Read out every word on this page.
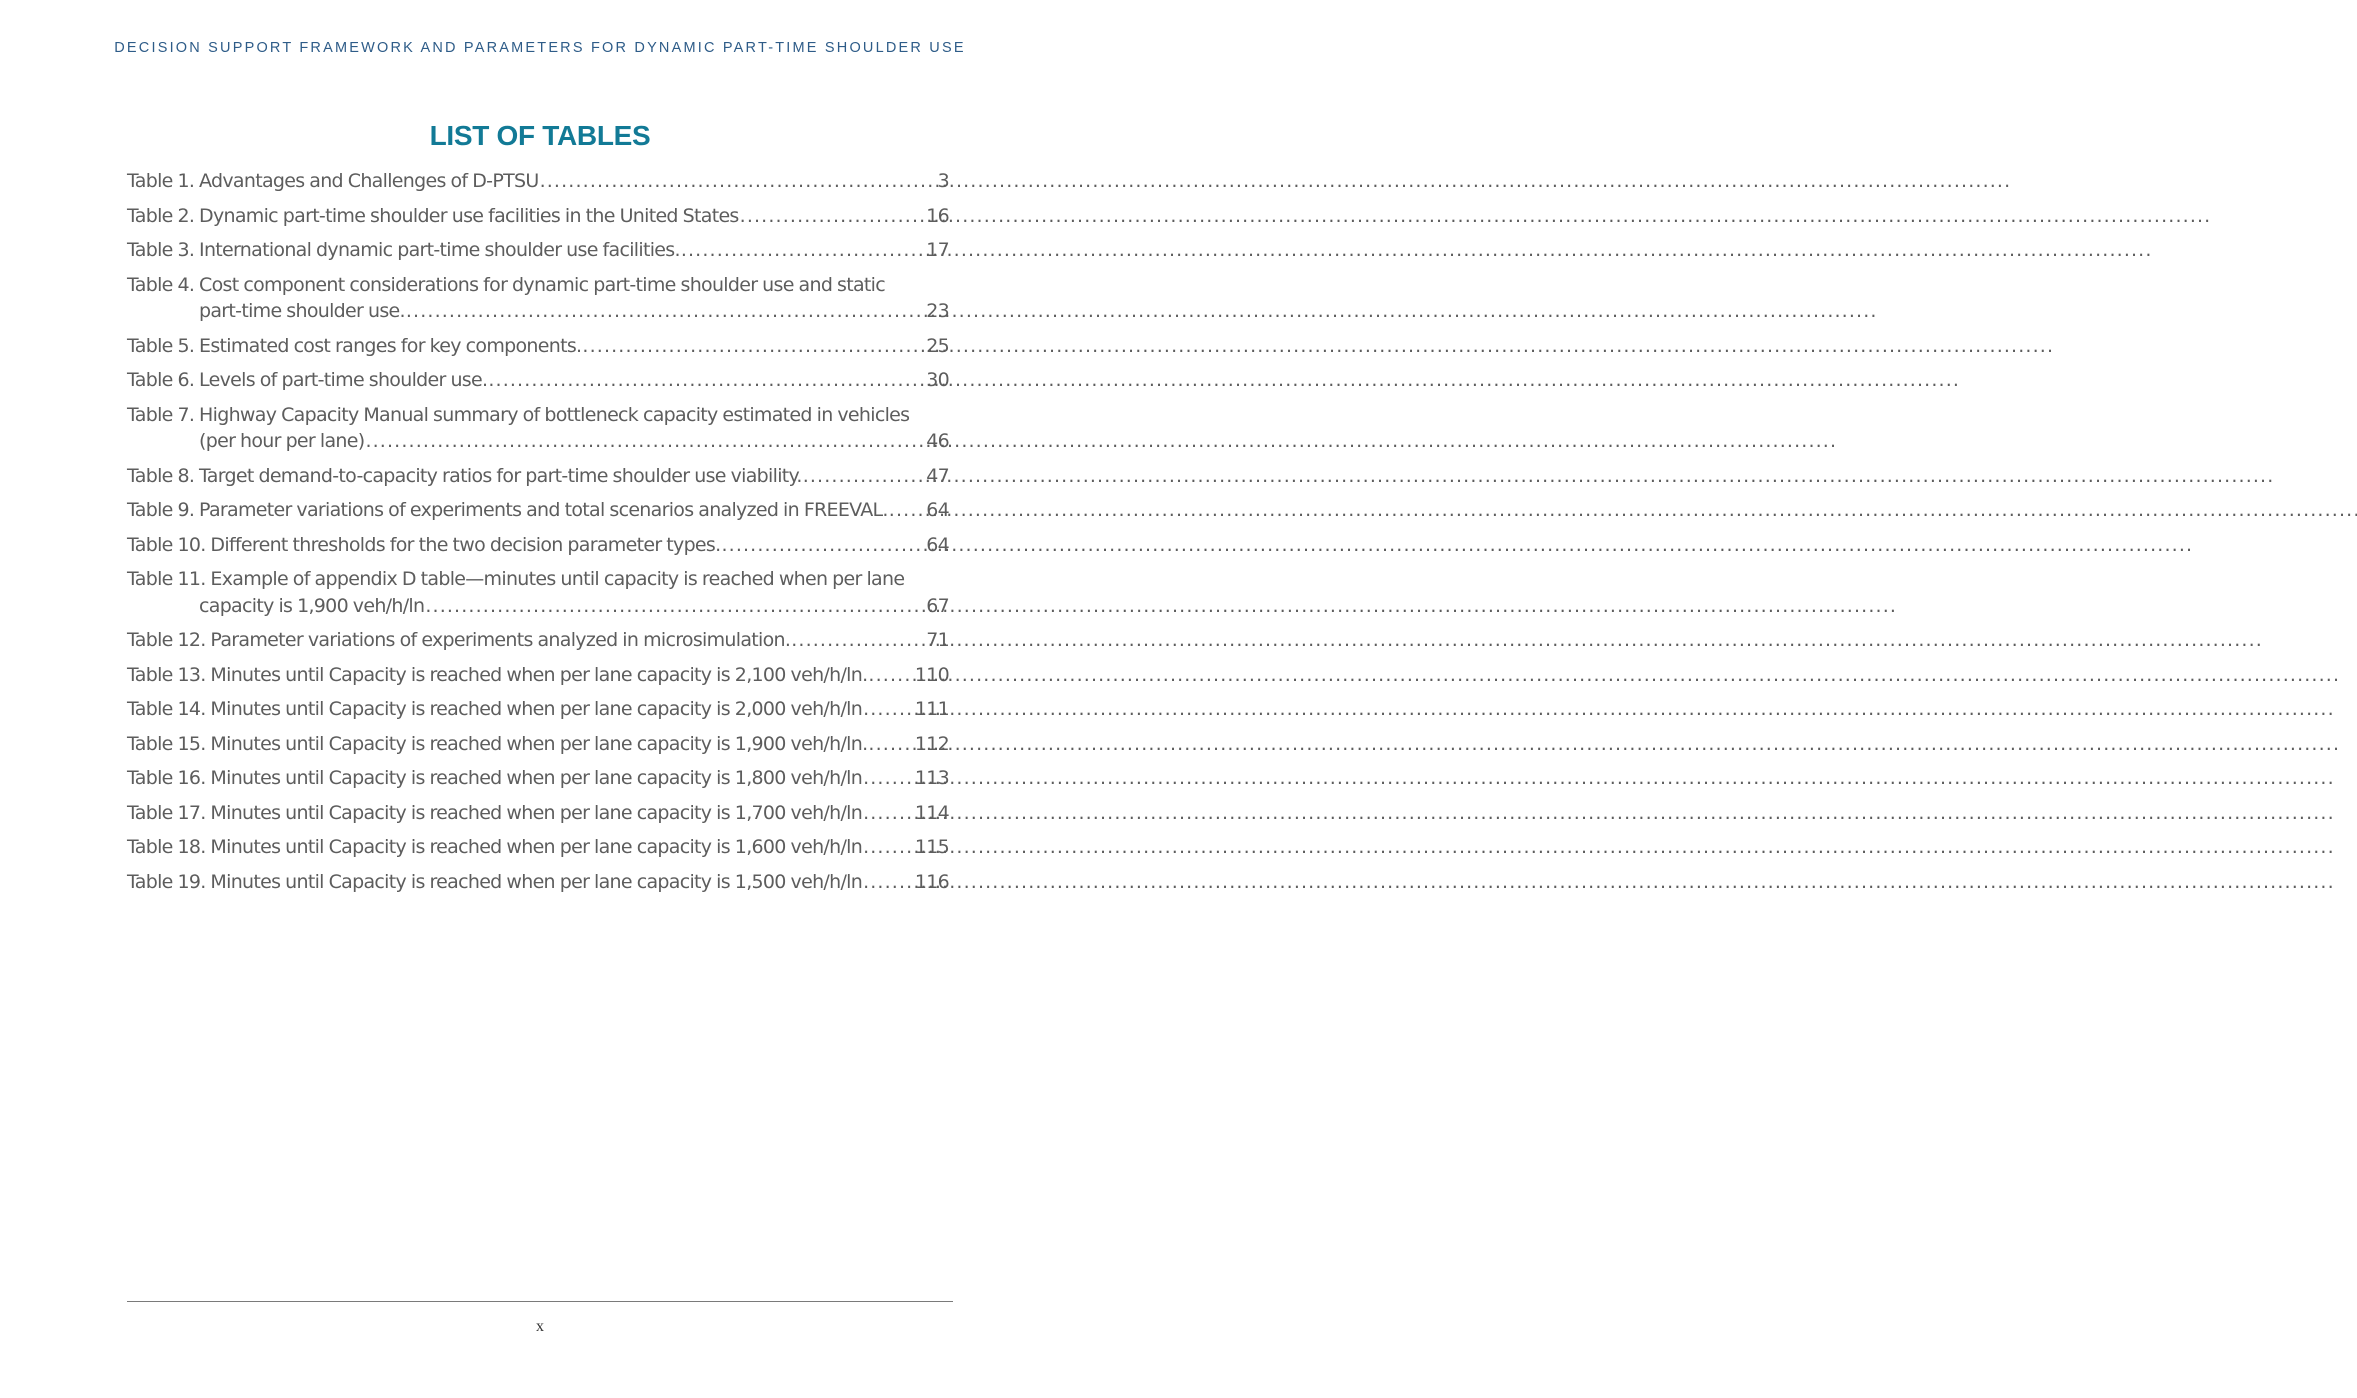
DECISION SUPPORT FRAMEWORK AND PARAMETERS FOR DYNAMIC PART-TIME SHOULDER USE
LIST OF TABLES
Table 1. Advantages and Challenges of D-PTSU . . .	3
Table 2. Dynamic part-time shoulder use facilities in the United States . . .	16
Table 3. International dynamic part-time shoulder use facilities. . . .	17
Table 4. Cost component considerations for dynamic part-time shoulder use and static
part-time shoulder use. . . .	23
Table 5. Estimated cost ranges for key components. . . .	25
Table 6. Levels of part-time shoulder use. . . .	30
Table 7. Highway Capacity Manual summary of bottleneck capacity estimated in vehicles
(per hour per lane) . . .	46
Table 8. Target demand-to-capacity ratios for part-time shoulder use viability. . . .	47
Table 9. Parameter variations of experiments and total scenarios analyzed in FREEVAL. . . . 64
Table 10. Different thresholds for the two decision parameter types. . . .	64
Table 11. Example of appendix D table—minutes until capacity is reached when per lane
capacity is 1,900 veh/h/ln . . .	67
Table 12. Parameter variations of experiments analyzed in microsimulation. . . .	71
Table 13. Minutes until Capacity is reached when per lane capacity is 2,100 veh/h/ln. . . . 110
Table 14. Minutes until Capacity is reached when per lane capacity is 2,000 veh/h/ln . . .	111
Table 15. Minutes until Capacity is reached when per lane capacity is 1,900 veh/h/ln. . . . 112
Table 16. Minutes until Capacity is reached when per lane capacity is 1,800 veh/h/ln . . .	113
Table 17. Minutes until Capacity is reached when per lane capacity is 1,700 veh/h/ln . . .	114
Table 18. Minutes until Capacity is reached when per lane capacity is 1,600 veh/h/ln . . .	115
Table 19. Minutes until Capacity is reached when per lane capacity is 1,500 veh/h/ln . . .	116
x
